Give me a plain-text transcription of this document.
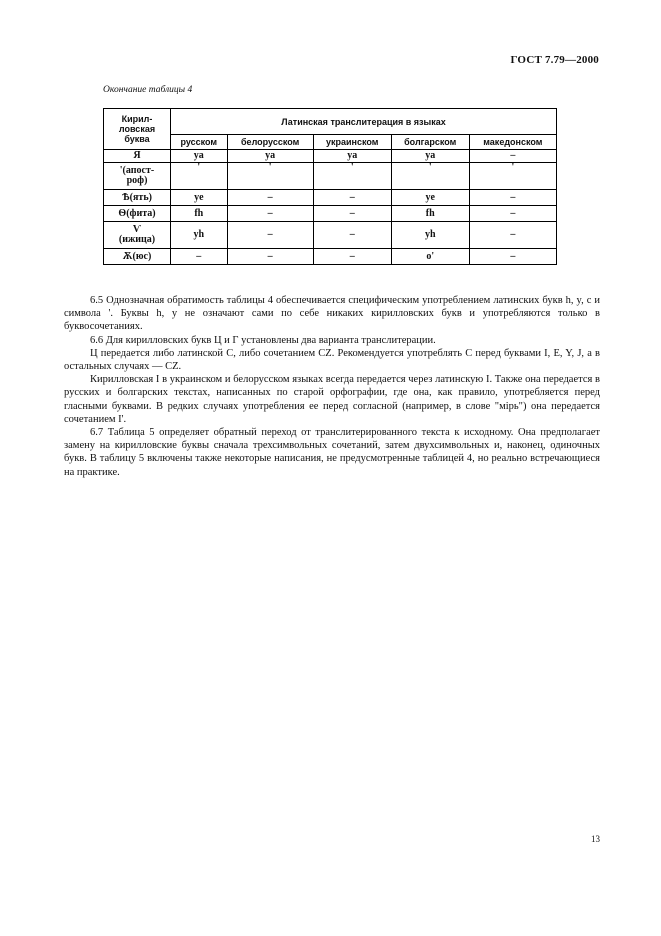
ГОСТ 7.79—2000
Окончание таблицы 4
Кирил-
ловская
буква	Латинская транслитерация в языках				
	русском	белорусском	украинском	болгарском	македонском
Я	ya	ya	ya	ya	–
'(апост-
роф)	'	'	'	'	'
Ѣ(ять)	ye	–	–	ye	–
Ѳ(фита)	fh	–	–	fh	–
Ѵ
(ижица)	yh	–	–	yh	–
Ѫ(юс)	–	–	–	o'	–

6.5 Однозначная обратимость таблицы 4 обеспечивается специфическим употреблением латинских букв h, y, c и символа '. Буквы h, y не означают сами по себе никаких кирилловских букв и употребляются только в буквосочетаниях.

6.6 Для кирилловских букв Ц и Г установлены два варианта транслитерации.

Ц передается либо латинской C, либо сочетанием CZ. Рекомендуется употреблять C перед буквами I, E, Y, J, а в остальных случаях — CZ.

Кирилловская I в украинском и белорусском языках всегда передается через латинскую I. Также она передается в русских и болгарских текстах, написанных по старой орфографии, где она, как правило, употребляется перед гласными буквами. В редких случаях употребления ее перед согласной (например, в слове "мiрь") она передается сочетанием I'.

6.7 Таблица 5 определяет обратный переход от транслитерированного текста к исходному. Она предполагает замену на кирилловские буквы сначала трехсимвольных сочетаний, затем двухсимвольных и, наконец, одиночных букв. В таблицу 5 включены также некоторые написания, не предусмотренные таблицей 4, но реально встречающиеся на практике.

13
